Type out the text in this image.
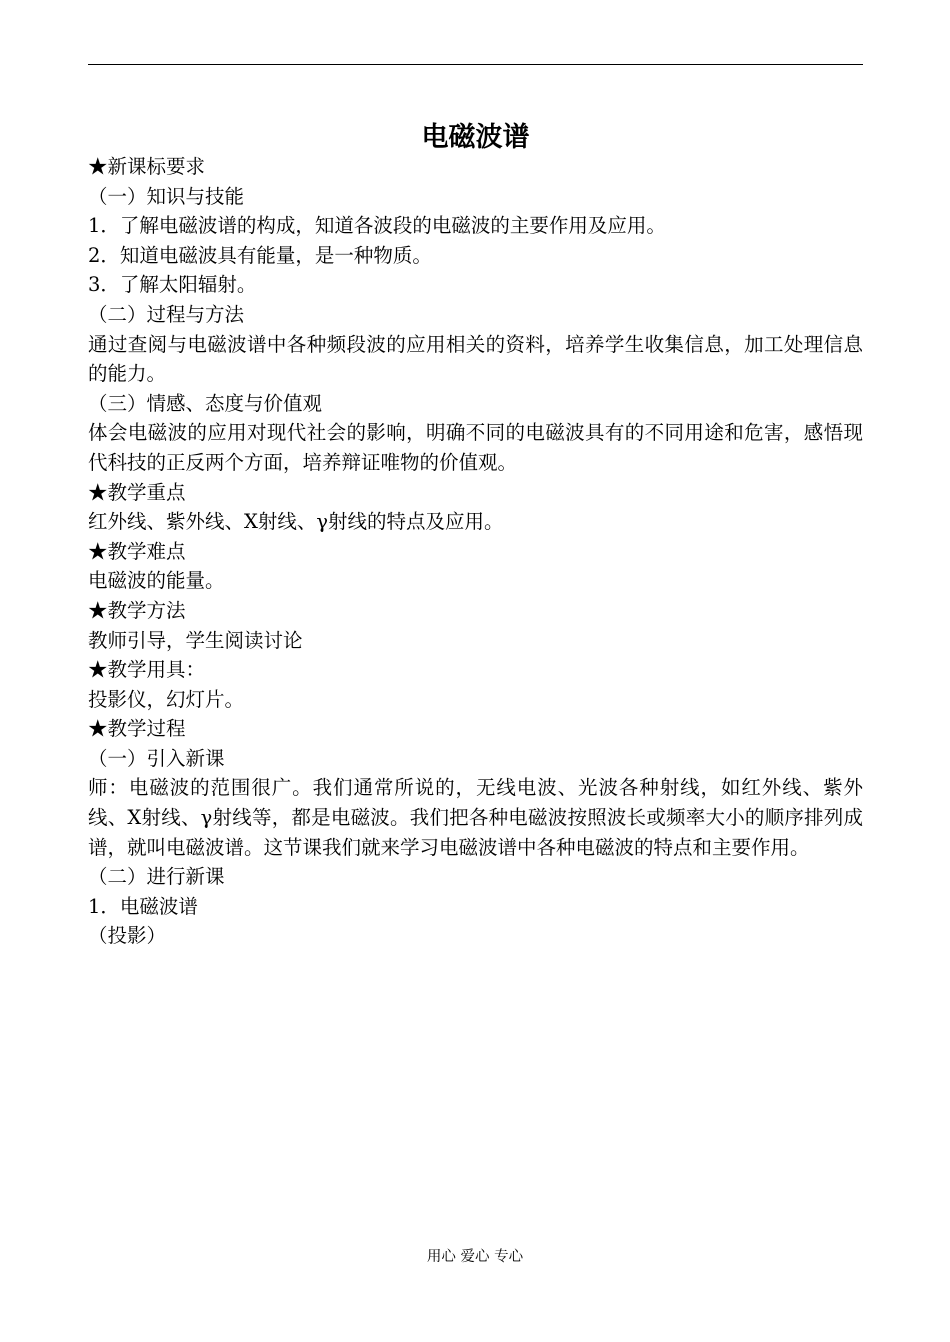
电磁波谱
★新课标要求
（一）知识与技能
1．了解电磁波谱的构成，知道各波段的电磁波的主要作用及应用。
2．知道电磁波具有能量，是一种物质。
3．了解太阳辐射。
（二）过程与方法
通过查阅与电磁波谱中各种频段波的应用相关的资料，培养学生收集信息，加工处理信息的能力。
（三）情感、态度与价值观
体会电磁波的应用对现代社会的影响，明确不同的电磁波具有的不同用途和危害，感悟现代科技的正反两个方面，培养辩证唯物的价值观。
★教学重点
红外线、紫外线、X射线、γ射线的特点及应用。
★教学难点
电磁波的能量。
★教学方法
教师引导，学生阅读讨论
★教学用具：
投影仪，幻灯片。
★教学过程
（一）引入新课
师：电磁波的范围很广。我们通常所说的，无线电波、光波各种射线，如红外线、紫外线、X射线、γ射线等，都是电磁波。我们把各种电磁波按照波长或频率大小的顺序排列成谱，就叫电磁波谱。这节课我们就来学习电磁波谱中各种电磁波的特点和主要作用。
（二）进行新课
1．电磁波谱
（投影）
用心 爱心 专心
